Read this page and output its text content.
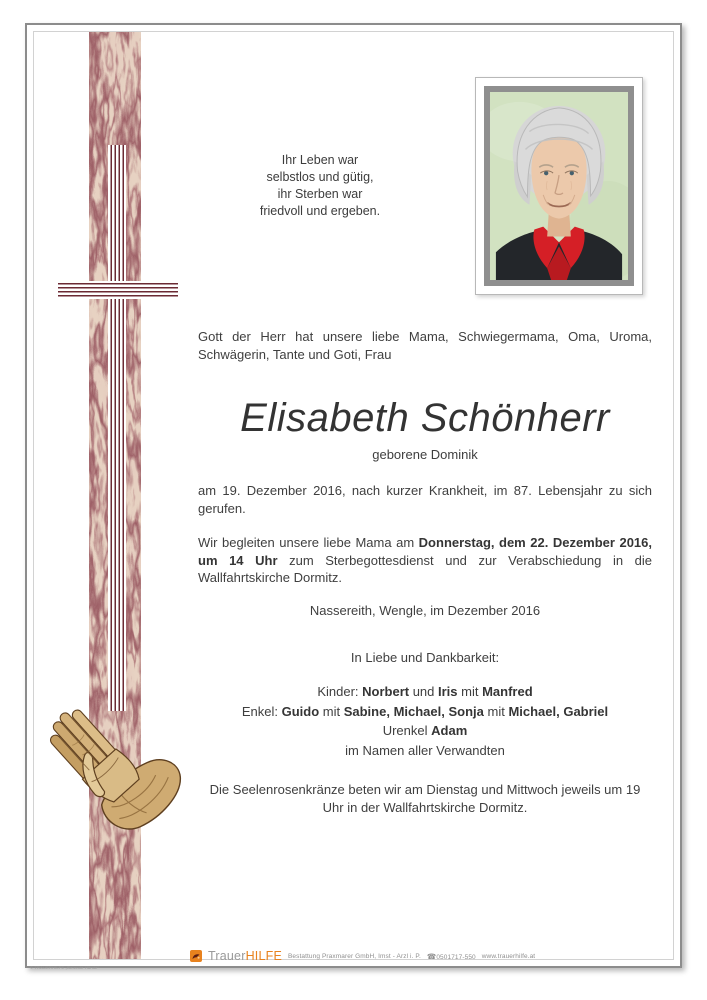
Ihr Leben war
selbstlos und gütig,
ihr Sterben war
friedvoll und ergeben.
Gott der Herr hat unsere liebe Mama, Schwiegermama, Oma, Uroma, Schwägerin, Tante und Goti, Frau
Elisabeth Schönherr
geborene Dominik
am 19. Dezember 2016, nach kurzer Krankheit, im 87. Lebensjahr zu sich gerufen.
Wir begleiten unsere liebe Mama am Donnerstag, dem 22. Dezember 2016, um 14 Uhr zum Sterbegottesdienst und zur Verabschiedung in die Wallfahrtskirche Dormitz.
Nassereith, Wengle, im Dezember 2016
In Liebe und Dankbarkeit:
Kinder: Norbert und Iris mit Manfred
Enkel: Guido mit Sabine, Michael, Sonja mit Michael, Gabriel
Urenkel Adam
im Namen aller Verwandten
Die Seelenrosenkränze beten wir am Dienstag und Mittwoch jeweils um 19 Uhr in der Wallfahrtskirche Dormitz.
TrauerHILFE Bestattung Praxmarer GmbH, Imst - Arzl i. P. ☎0501717-550 www.trauerhilfe.at
© TRAUERHILFE „Betende Hände“
